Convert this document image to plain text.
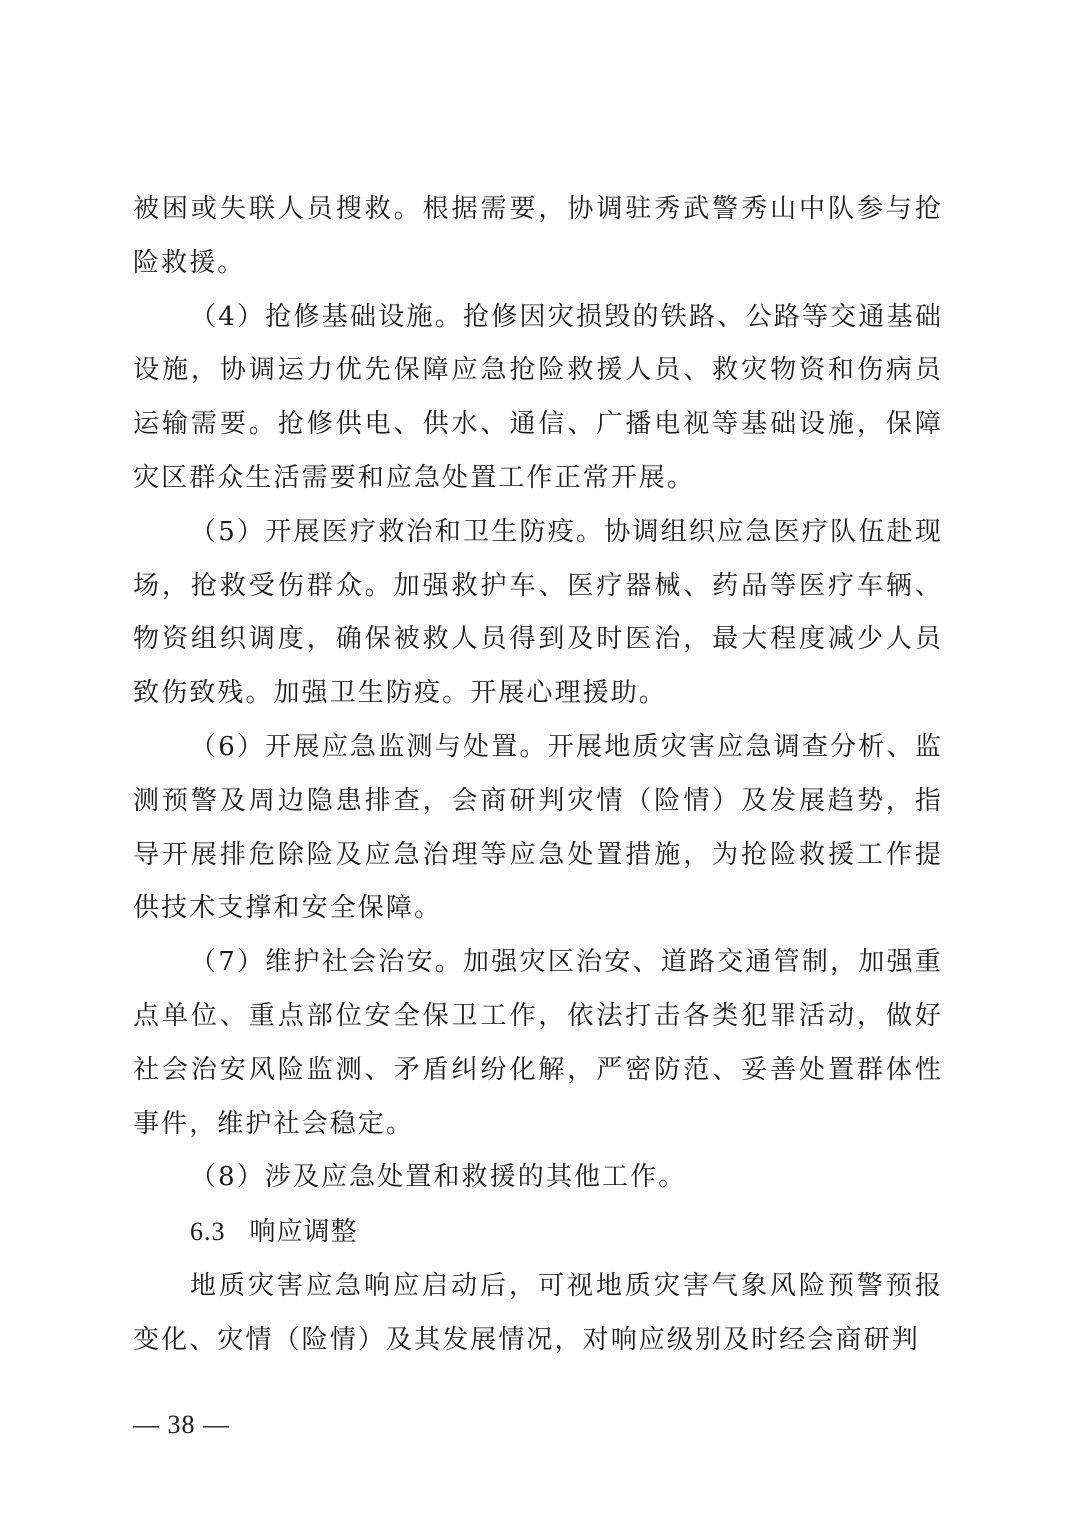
被困或失联人员搜救。根据需要，协调驻秀武警秀山中队参与抢险救援。

（4）抢修基础设施。抢修因灾损毁的铁路、公路等交通基础设施，协调运力优先保障应急抢险救援人员、救灾物资和伤病员运输需要。抢修供电、供水、通信、广播电视等基础设施，保障灾区群众生活需要和应急处置工作正常开展。

（5）开展医疗救治和卫生防疫。协调组织应急医疗队伍赴现场，抢救受伤群众。加强救护车、医疗器械、药品等医疗车辆、物资组织调度，确保被救人员得到及时医治，最大程度减少人员致伤致残。加强卫生防疫。开展心理援助。

（6）开展应急监测与处置。开展地质灾害应急调查分析、监测预警及周边隐患排查，会商研判灾情（险情）及发展趋势，指导开展排危除险及应急治理等应急处置措施，为抢险救援工作提供技术支撑和安全保障。

（7）维护社会治安。加强灾区治安、道路交通管制，加强重点单位、重点部位安全保卫工作，依法打击各类犯罪活动，做好社会治安风险监测、矛盾纠纷化解，严密防范、妥善处置群体性事件，维护社会稳定。

（8）涉及应急处置和救援的其他工作。

6.3 响应调整

地质灾害应急响应启动后，可视地质灾害气象风险预警预报变化、灾情（险情）及其发展情况，对响应级别及时经会商研判

— 38 —
